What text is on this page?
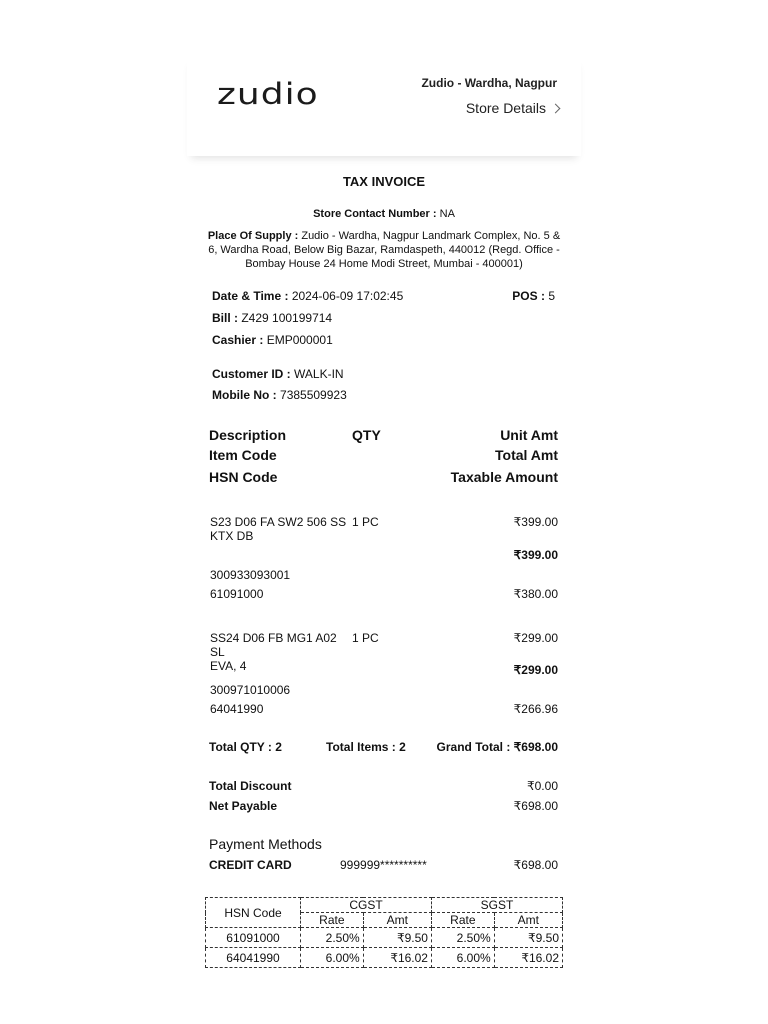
zudio	Zudio - Wardha, Nagpur
Store Details
TAX INVOICE
Store Contact Number : NA
Place Of Supply : Zudio - Wardha, Nagpur Landmark Complex, No. 5 &
6, Wardha Road, Below Big Bazar, Ramdaspeth, 440012 (Regd. Office -
Bombay House 24 Home Modi Street, Mumbai - 400001)
Date & Time : 2024-06-09 17:02:45	POS : 5
Bill : Z429 100199714
Cashier : EMP000001
Customer ID : WALK-IN
Mobile No : 7385509923
Description	QTY	Unit Amt
Item Code	Total Amt
HSN Code	Taxable Amount
S23 D06 FA SW2 506 SS
KTX DB
1 PC	₹399.00
₹399.00
300933093001
61091000	₹380.00
SS24 D06 FB MG1 A02 SL
EVA, 4
1 PC	₹299.00
₹299.00
300971010006
64041990	₹266.96
Total QTY : 2	Total Items : 2	Grand Total : ₹698.00
Total Discount	₹0.00
Net Payable	₹698.00
Payment Methods
CREDIT CARD	999999**********	₹698.00
HSN Code	CGST		SGST	
	Rate	Amt	Rate	Amt
61091000	2.50%	₹9.50	2.50%	₹9.50
64041990	6.00%	₹16.02	6.00%	₹16.02
